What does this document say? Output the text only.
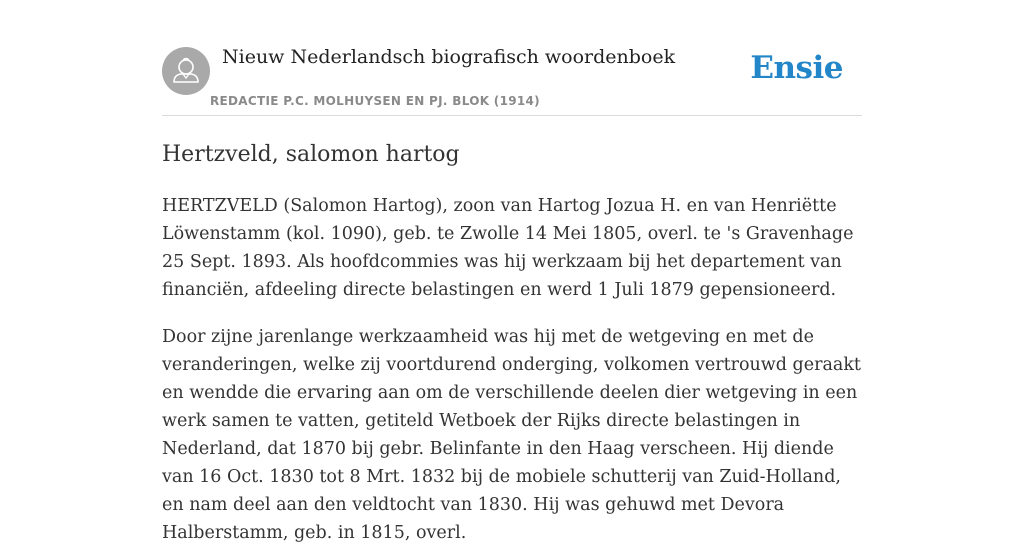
Nieuw Nederlandsch biografisch woordenboek
REDACTIE P.C. MOLHUYSEN EN PJ. BLOK (1914)
Ensie
Hertzveld, salomon hartog

HERTZVELD (Salomon Hartog), zoon van Hartog Jozua H. en van Henriëtte Löwenstamm (kol. 1090), geb. te Zwolle 14 Mei 1805, overl. te 's Gravenhage 25 Sept. 1893. Als hoofdcommies was hij werkzaam bij het departement van financiën, afdeeling directe belastingen en werd 1 Juli 1879 gepensioneerd.

Door zijne jarenlange werkzaamheid was hij met de wetgeving en met de veranderingen, welke zij voortdurend onderging, volkomen vertrouwd geraakt en wendde die ervaring aan om de verschillende deelen dier wetgeving in een werk samen te vatten, getiteld Wetboek der Rijks directe belastingen in Nederland, dat 1870 bij gebr. Belinfante in den Haag verscheen. Hij diende van 16 Oct. 1830 tot 8 Mrt. 1832 bij de mobiele schutterij van Zuid-Holland, en nam deel aan den veldtocht van 1830. Hij was gehuwd met Devora Halberstamm, geb. in 1815, overl.
